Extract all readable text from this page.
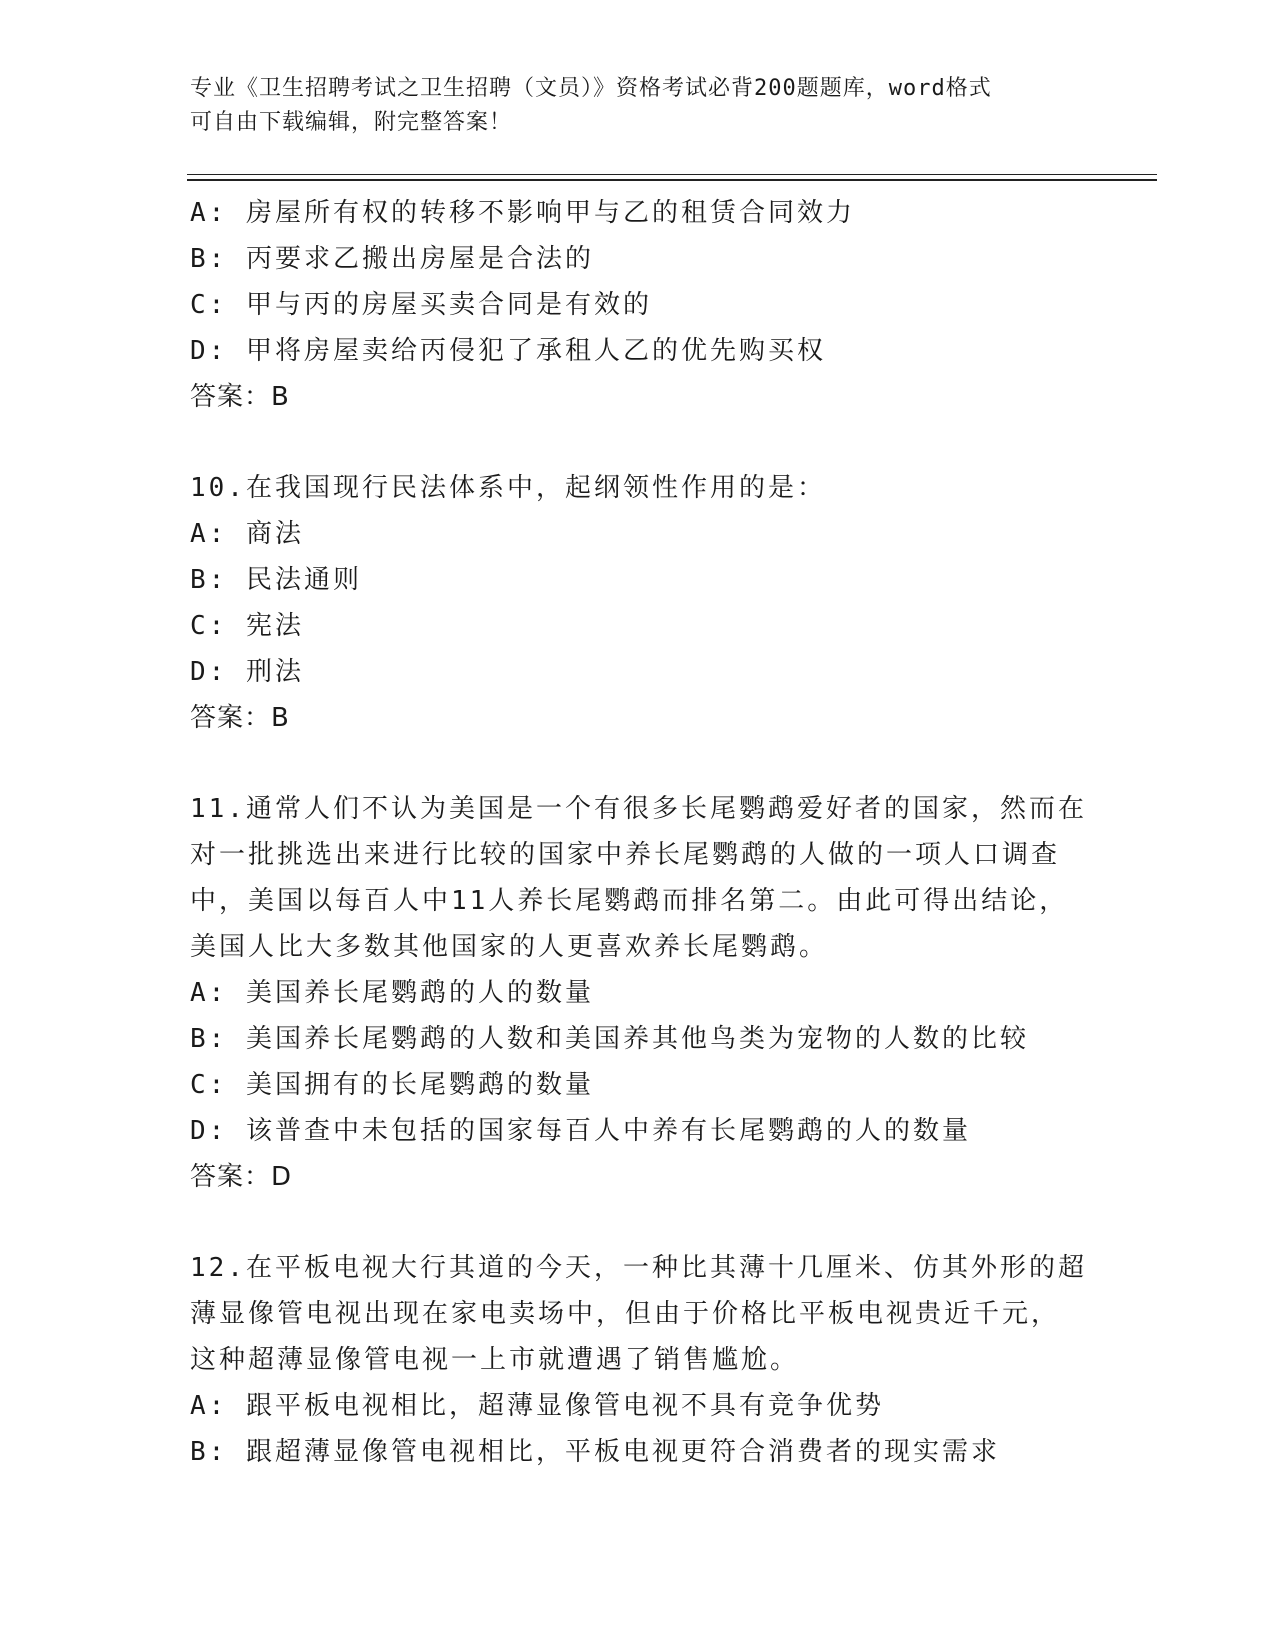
专业《卫生招聘考试之卫生招聘（文员）》资格考试必背200题题库，word格式
可自由下载编辑，附完整答案！
A: 房屋所有权的转移不影响甲与乙的租赁合同效力
B: 丙要求乙搬出房屋是合法的
C: 甲与丙的房屋买卖合同是有效的
D: 甲将房屋卖给丙侵犯了承租人乙的优先购买权
答案：B
10.在我国现行民法体系中，起纲领性作用的是：
A: 商法
B: 民法通则
C: 宪法
D: 刑法
答案：B
11.通常人们不认为美国是一个有很多长尾鹦鹉爱好者的国家，然而在
对一批挑选出来进行比较的国家中养长尾鹦鹉的人做的一项人口调查
中，美国以每百人中11人养长尾鹦鹉而排名第二。由此可得出结论，
美国人比大多数其他国家的人更喜欢养长尾鹦鹉。
A: 美国养长尾鹦鹉的人的数量
B: 美国养长尾鹦鹉的人数和美国养其他鸟类为宠物的人数的比较
C: 美国拥有的长尾鹦鹉的数量
D: 该普查中未包括的国家每百人中养有长尾鹦鹉的人的数量
答案：D
12.在平板电视大行其道的今天，一种比其薄十几厘米、仿其外形的超
薄显像管电视出现在家电卖场中，但由于价格比平板电视贵近千元，
这种超薄显像管电视一上市就遭遇了销售尴尬。
A: 跟平板电视相比，超薄显像管电视不具有竞争优势
B: 跟超薄显像管电视相比，平板电视更符合消费者的现实需求
